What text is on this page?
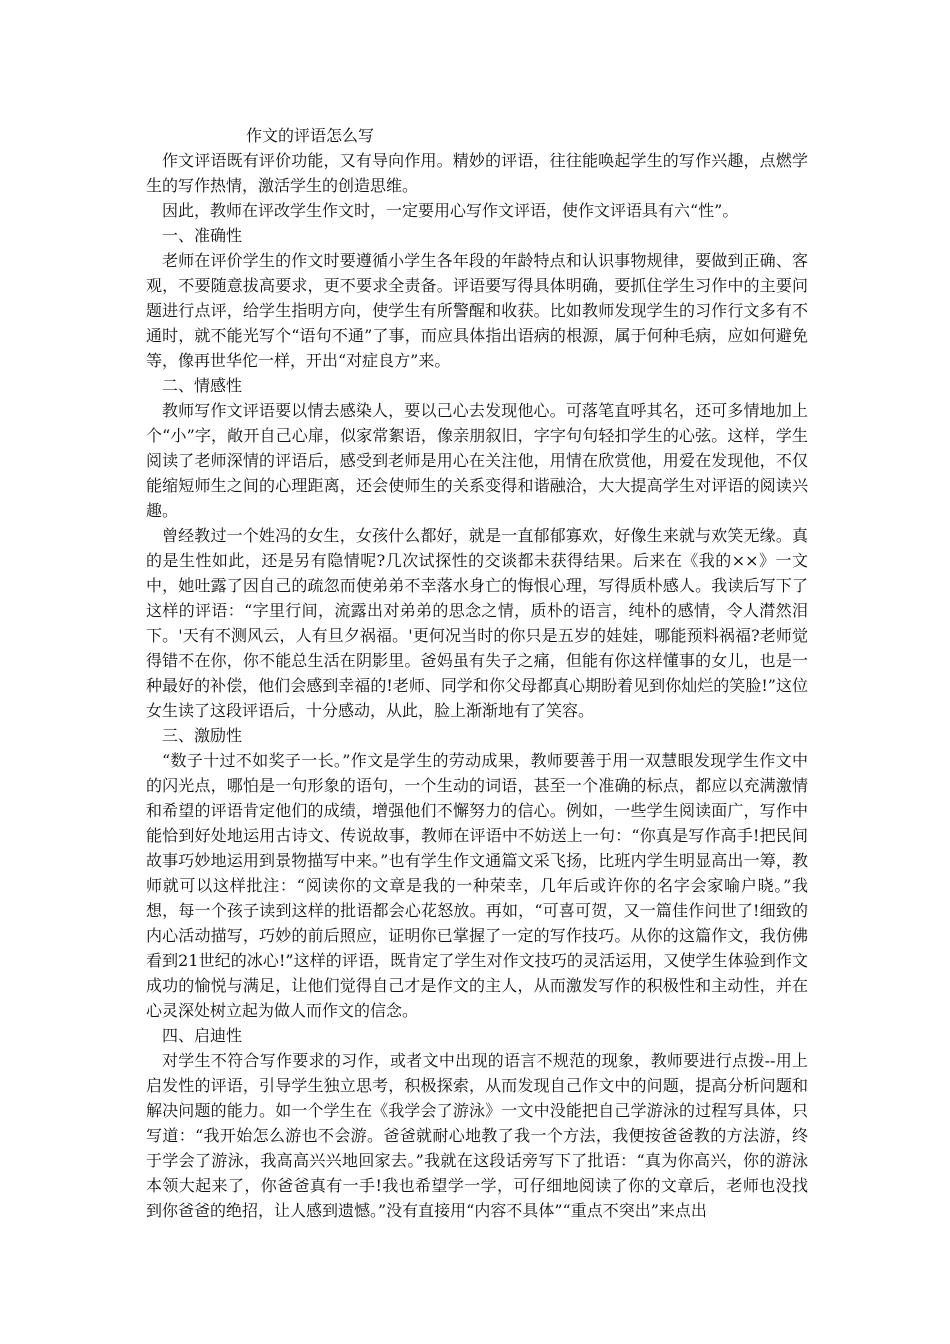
作文的评语怎么写

作文评语既有评价功能，又有导向作用。精妙的评语，往往能唤起学生的写作兴趣，点燃学生的写作热情，激活学生的创造思维。

因此，教师在评改学生作文时，一定要用心写作文评语，使作文评语具有六“性”。

一、准确性

老师在评价学生的作文时要遵循小学生各年段的年龄特点和认识事物规律，要做到正确、客观，不要随意拔高要求，更不要求全责备。评语要写得具体明确，要抓住学生习作中的主要问题进行点评，给学生指明方向，使学生有所警醒和收获。比如教师发现学生的习作行文多有不通时，就不能光写个“语句不通”了事，而应具体指出语病的根源，属于何种毛病，应如何避免等，像再世华佗一样，开出“对症良方”来。

二、情感性

教师写作文评语要以情去感染人，要以己心去发现他心。可落笔直呼其名，还可多情地加上个“小”字，敞开自己心扉，似家常絮语，像亲朋叙旧，字字句句轻扣学生的心弦。这样，学生阅读了老师深情的评语后，感受到老师是用心在关注他，用情在欣赏他，用爱在发现他，不仅能缩短师生之间的心理距离，还会使师生的关系变得和谐融洽，大大提高学生对评语的阅读兴趣。

曾经教过一个姓冯的女生，女孩什么都好，就是一直郁郁寡欢，好像生来就与欢笑无缘。真的是生性如此，还是另有隐情呢?几次试探性的交谈都未获得结果。后来在《我的××》一文中，她吐露了因自己的疏忽而使弟弟不幸落水身亡的悔恨心理，写得质朴感人。我读后写下了这样的评语：“字里行间，流露出对弟弟的思念之情，质朴的语言，纯朴的感情，令人潸然泪下。'天有不测风云，人有旦夕祸福。'更何况当时的你只是五岁的娃娃，哪能预料祸福?老师觉得错不在你，你不能总生活在阴影里。爸妈虽有失子之痛，但能有你这样懂事的女儿，也是一种最好的补偿，他们会感到幸福的!老师、同学和你父母都真心期盼着见到你灿烂的笑脸!”这位女生读了这段评语后，十分感动，从此，脸上渐渐地有了笑容。

三、激励性

“数子十过不如奖子一长。”作文是学生的劳动成果，教师要善于用一双慧眼发现学生作文中的闪光点，哪怕是一句形象的语句，一个生动的词语，甚至一个准确的标点，都应以充满激情和希望的评语肯定他们的成绩，增强他们不懈努力的信心。例如，一些学生阅读面广，写作中能恰到好处地运用古诗文、传说故事，教师在评语中不妨送上一句：“你真是写作高手!把民间故事巧妙地运用到景物描写中来。”也有学生作文通篇文采飞扬，比班内学生明显高出一筹，教师就可以这样批注：“阅读你的文章是我的一种荣幸，几年后或许你的名字会家喻户晓。”我想，每一个孩子读到这样的批语都会心花怒放。再如，“可喜可贺，又一篇佳作问世了!细致的内心活动描写，巧妙的前后照应，证明你已掌握了一定的写作技巧。从你的这篇作文，我仿佛看到21世纪的冰心!”这样的评语，既肯定了学生对作文技巧的灵活运用，又使学生体验到作文成功的愉悦与满足，让他们觉得自己才是作文的主人，从而激发写作的积极性和主动性，并在心灵深处树立起为做人而作文的信念。

四、启迪性

对学生不符合写作要求的习作，或者文中出现的语言不规范的现象，教师要进行点拨--用上启发性的评语，引导学生独立思考，积极探索，从而发现自己作文中的问题，提高分析问题和解决问题的能力。如一个学生在《我学会了游泳》一文中没能把自己学游泳的过程写具体，只写道：“我开始怎么游也不会游。爸爸就耐心地教了我一个方法，我便按爸爸教的方法游，终于学会了游泳，我高高兴兴地回家去。”我就在这段话旁写下了批语：“真为你高兴，你的游泳本领大起来了，你爸爸真有一手!我也希望学一学，可仔细地阅读了你的文章后，老师也没找到你爸爸的绝招，让人感到遗憾。”没有直接用“内容不具体”“重点不突出”来点出
